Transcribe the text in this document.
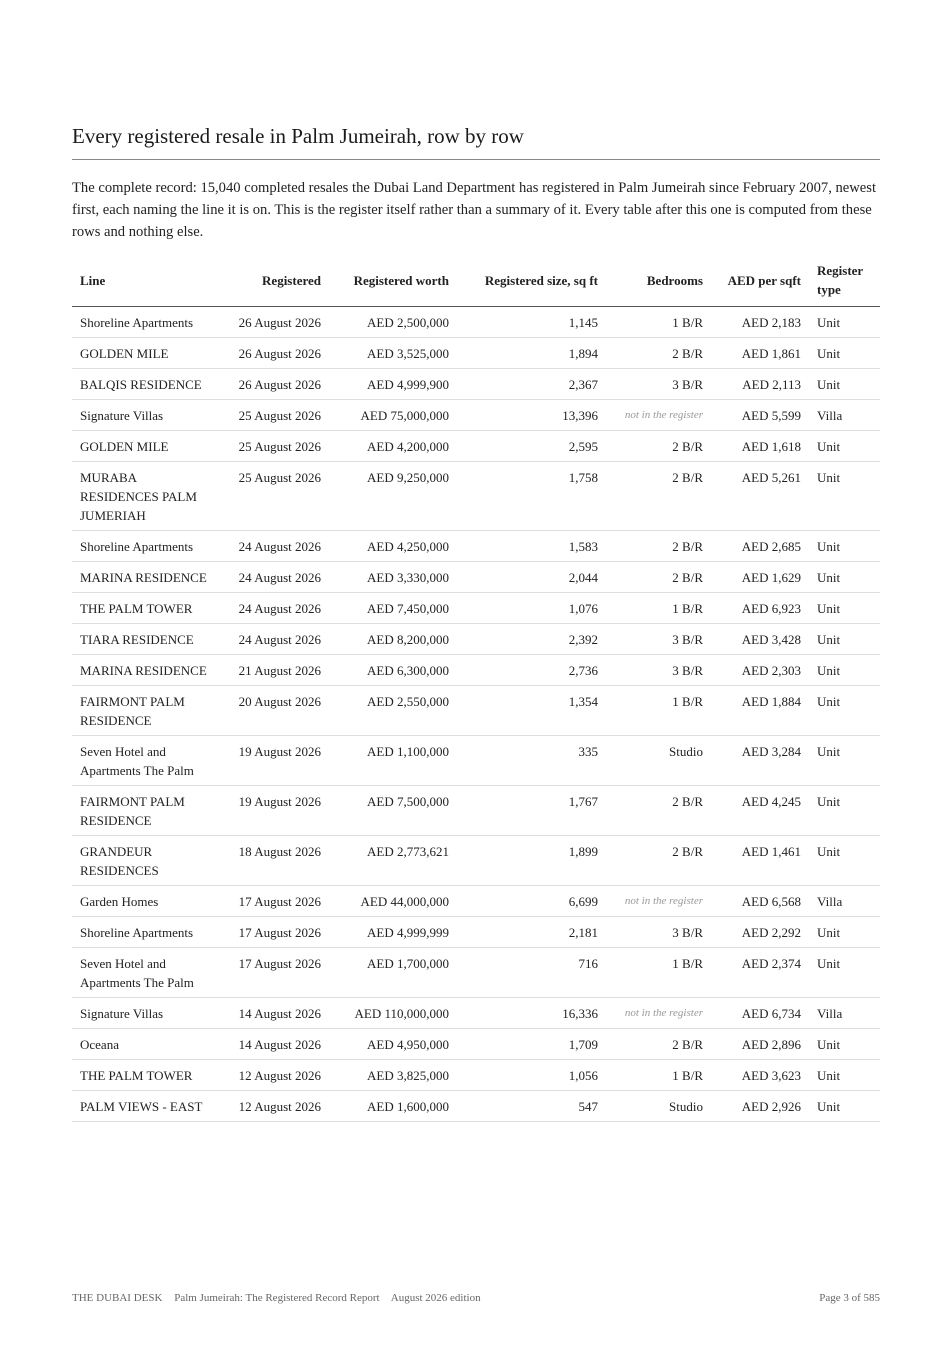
Every registered resale in Palm Jumeirah, row by row

The complete record: 15,040 completed resales the Dubai Land Department has registered in Palm Jumeirah since February 2007, newest first, each naming the line it is on. This is the register itself rather than a summary of it. Every table after this one is computed from these rows and nothing else.

Line	Registered	Registered worth	Registered size, sq ft	Bedrooms	AED per sqft	Register type
Shoreline Apartments	26 August 2026	AED 2,500,000	1,145	1 B/R	AED 2,183	Unit
GOLDEN MILE	26 August 2026	AED 3,525,000	1,894	2 B/R	AED 1,861	Unit
BALQIS RESIDENCE	26 August 2026	AED 4,999,900	2,367	3 B/R	AED 2,113	Unit
Signature Villas	25 August 2026	AED 75,000,000	13,396	not in the register	AED 5,599	Villa
GOLDEN MILE	25 August 2026	AED 4,200,000	2,595	2 B/R	AED 1,618	Unit
MURABA RESIDENCES PALM JUMERIAH	25 August 2026	AED 9,250,000	1,758	2 B/R	AED 5,261	Unit
Shoreline Apartments	24 August 2026	AED 4,250,000	1,583	2 B/R	AED 2,685	Unit
MARINA RESIDENCE	24 August 2026	AED 3,330,000	2,044	2 B/R	AED 1,629	Unit
THE PALM TOWER	24 August 2026	AED 7,450,000	1,076	1 B/R	AED 6,923	Unit
TIARA RESIDENCE	24 August 2026	AED 8,200,000	2,392	3 B/R	AED 3,428	Unit
MARINA RESIDENCE	21 August 2026	AED 6,300,000	2,736	3 B/R	AED 2,303	Unit
FAIRMONT PALM RESIDENCE	20 August 2026	AED 2,550,000	1,354	1 B/R	AED 1,884	Unit
Seven Hotel and Apartments The Palm	19 August 2026	AED 1,100,000	335	Studio	AED 3,284	Unit
FAIRMONT PALM RESIDENCE	19 August 2026	AED 7,500,000	1,767	2 B/R	AED 4,245	Unit
GRANDEUR RESIDENCES	18 August 2026	AED 2,773,621	1,899	2 B/R	AED 1,461	Unit
Garden Homes	17 August 2026	AED 44,000,000	6,699	not in the register	AED 6,568	Villa
Shoreline Apartments	17 August 2026	AED 4,999,999	2,181	3 B/R	AED 2,292	Unit
Seven Hotel and Apartments The Palm	17 August 2026	AED 1,700,000	716	1 B/R	AED 2,374	Unit
Signature Villas	14 August 2026	AED 110,000,000	16,336	not in the register	AED 6,734	Villa
Oceana	14 August 2026	AED 4,950,000	1,709	2 B/R	AED 2,896	Unit
THE PALM TOWER	12 August 2026	AED 3,825,000	1,056	1 B/R	AED 3,623	Unit
PALM VIEWS - EAST	12 August 2026	AED 1,600,000	547	Studio	AED 2,926	Unit
THE DUBAI DESK Palm Jumeirah: The Registered Record Report August 2026 edition	Page 3 of 585
